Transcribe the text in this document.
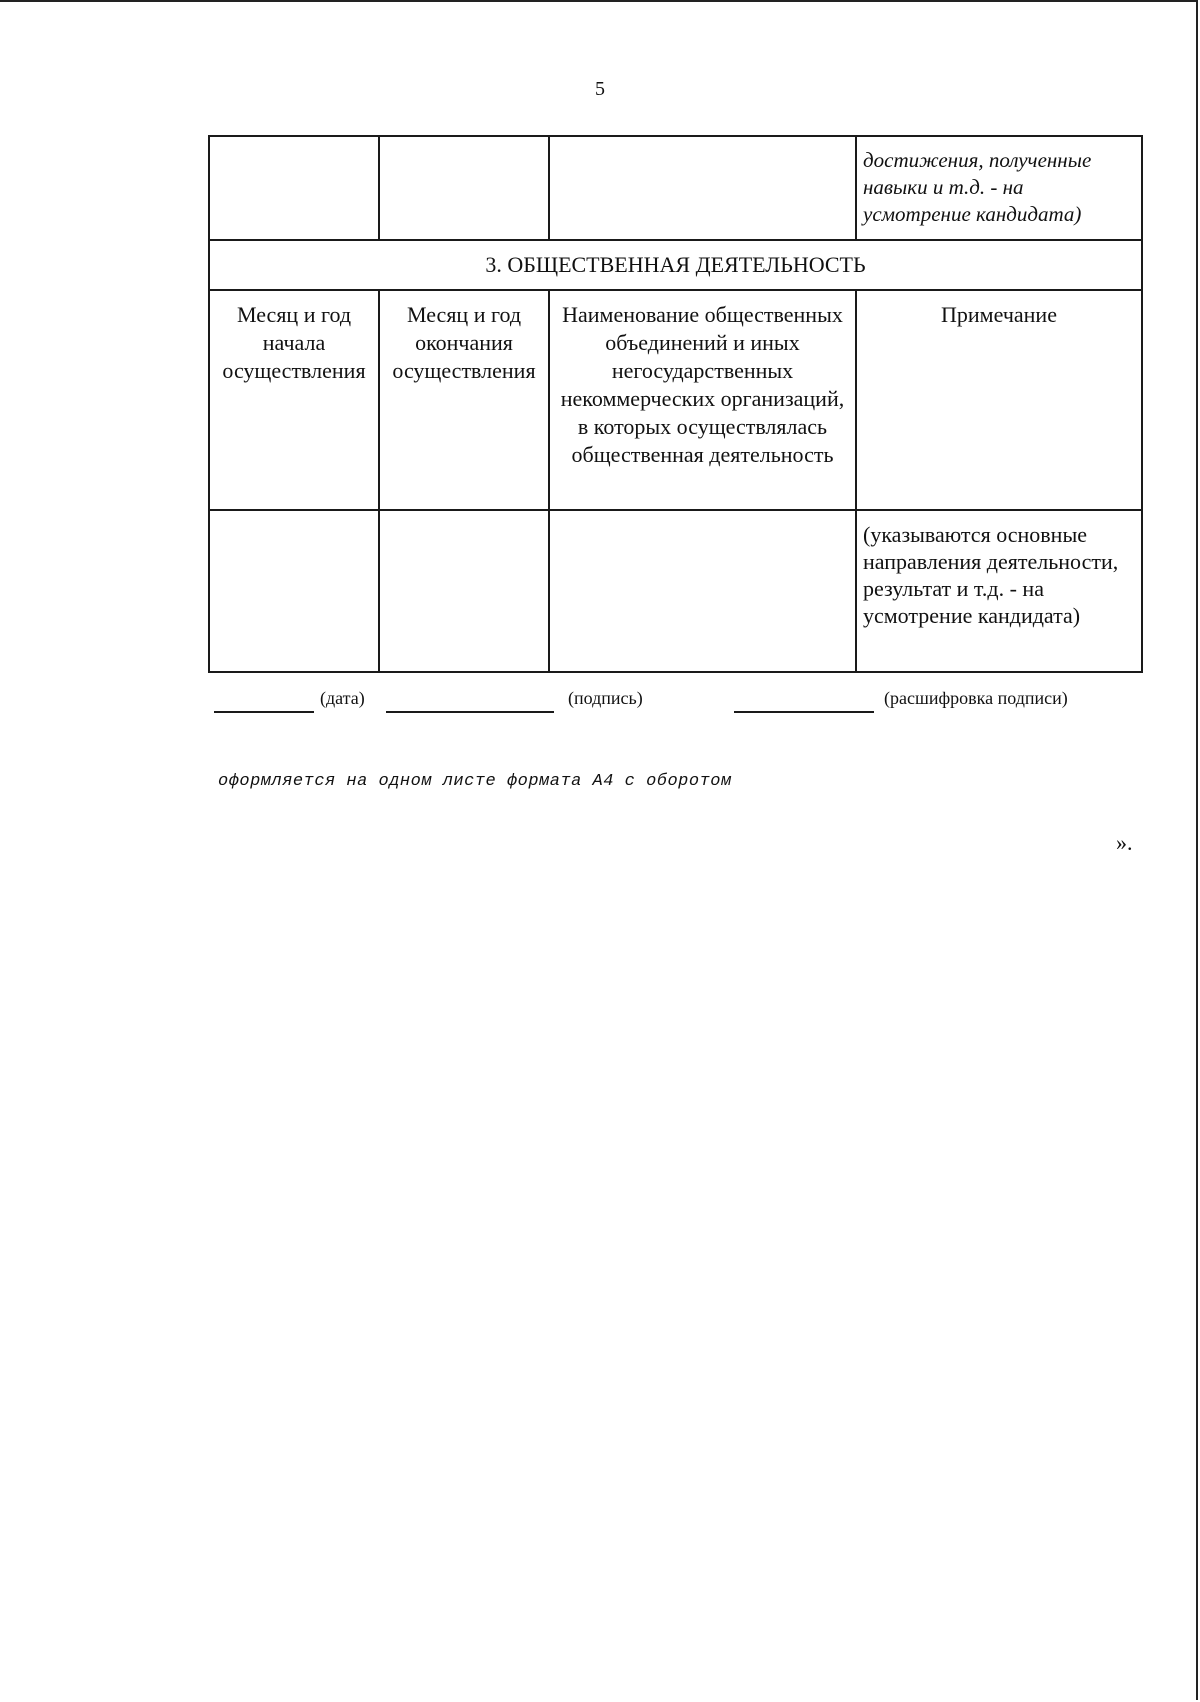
5

			достижения, полученные навыки и т.д. - на усмотрение кандидата)

3. ОБЩЕСТВЕННАЯ ДЕЯТЕЛЬНОСТЬ			

Месяц и год начала осуществления	Месяц и год окончания осуществления	Наименование общественных объединений и иных негосударственных некоммерческих организаций, в которых осуществлялась общественная деятельность	Примечание

			(указываются основные направления деятельности, результат и т.д. - на усмотрение кандидата)
(дата)	(подпись)	(расшифровка подписи)
оформляется на одном листе формата А4 с оборотом
».
